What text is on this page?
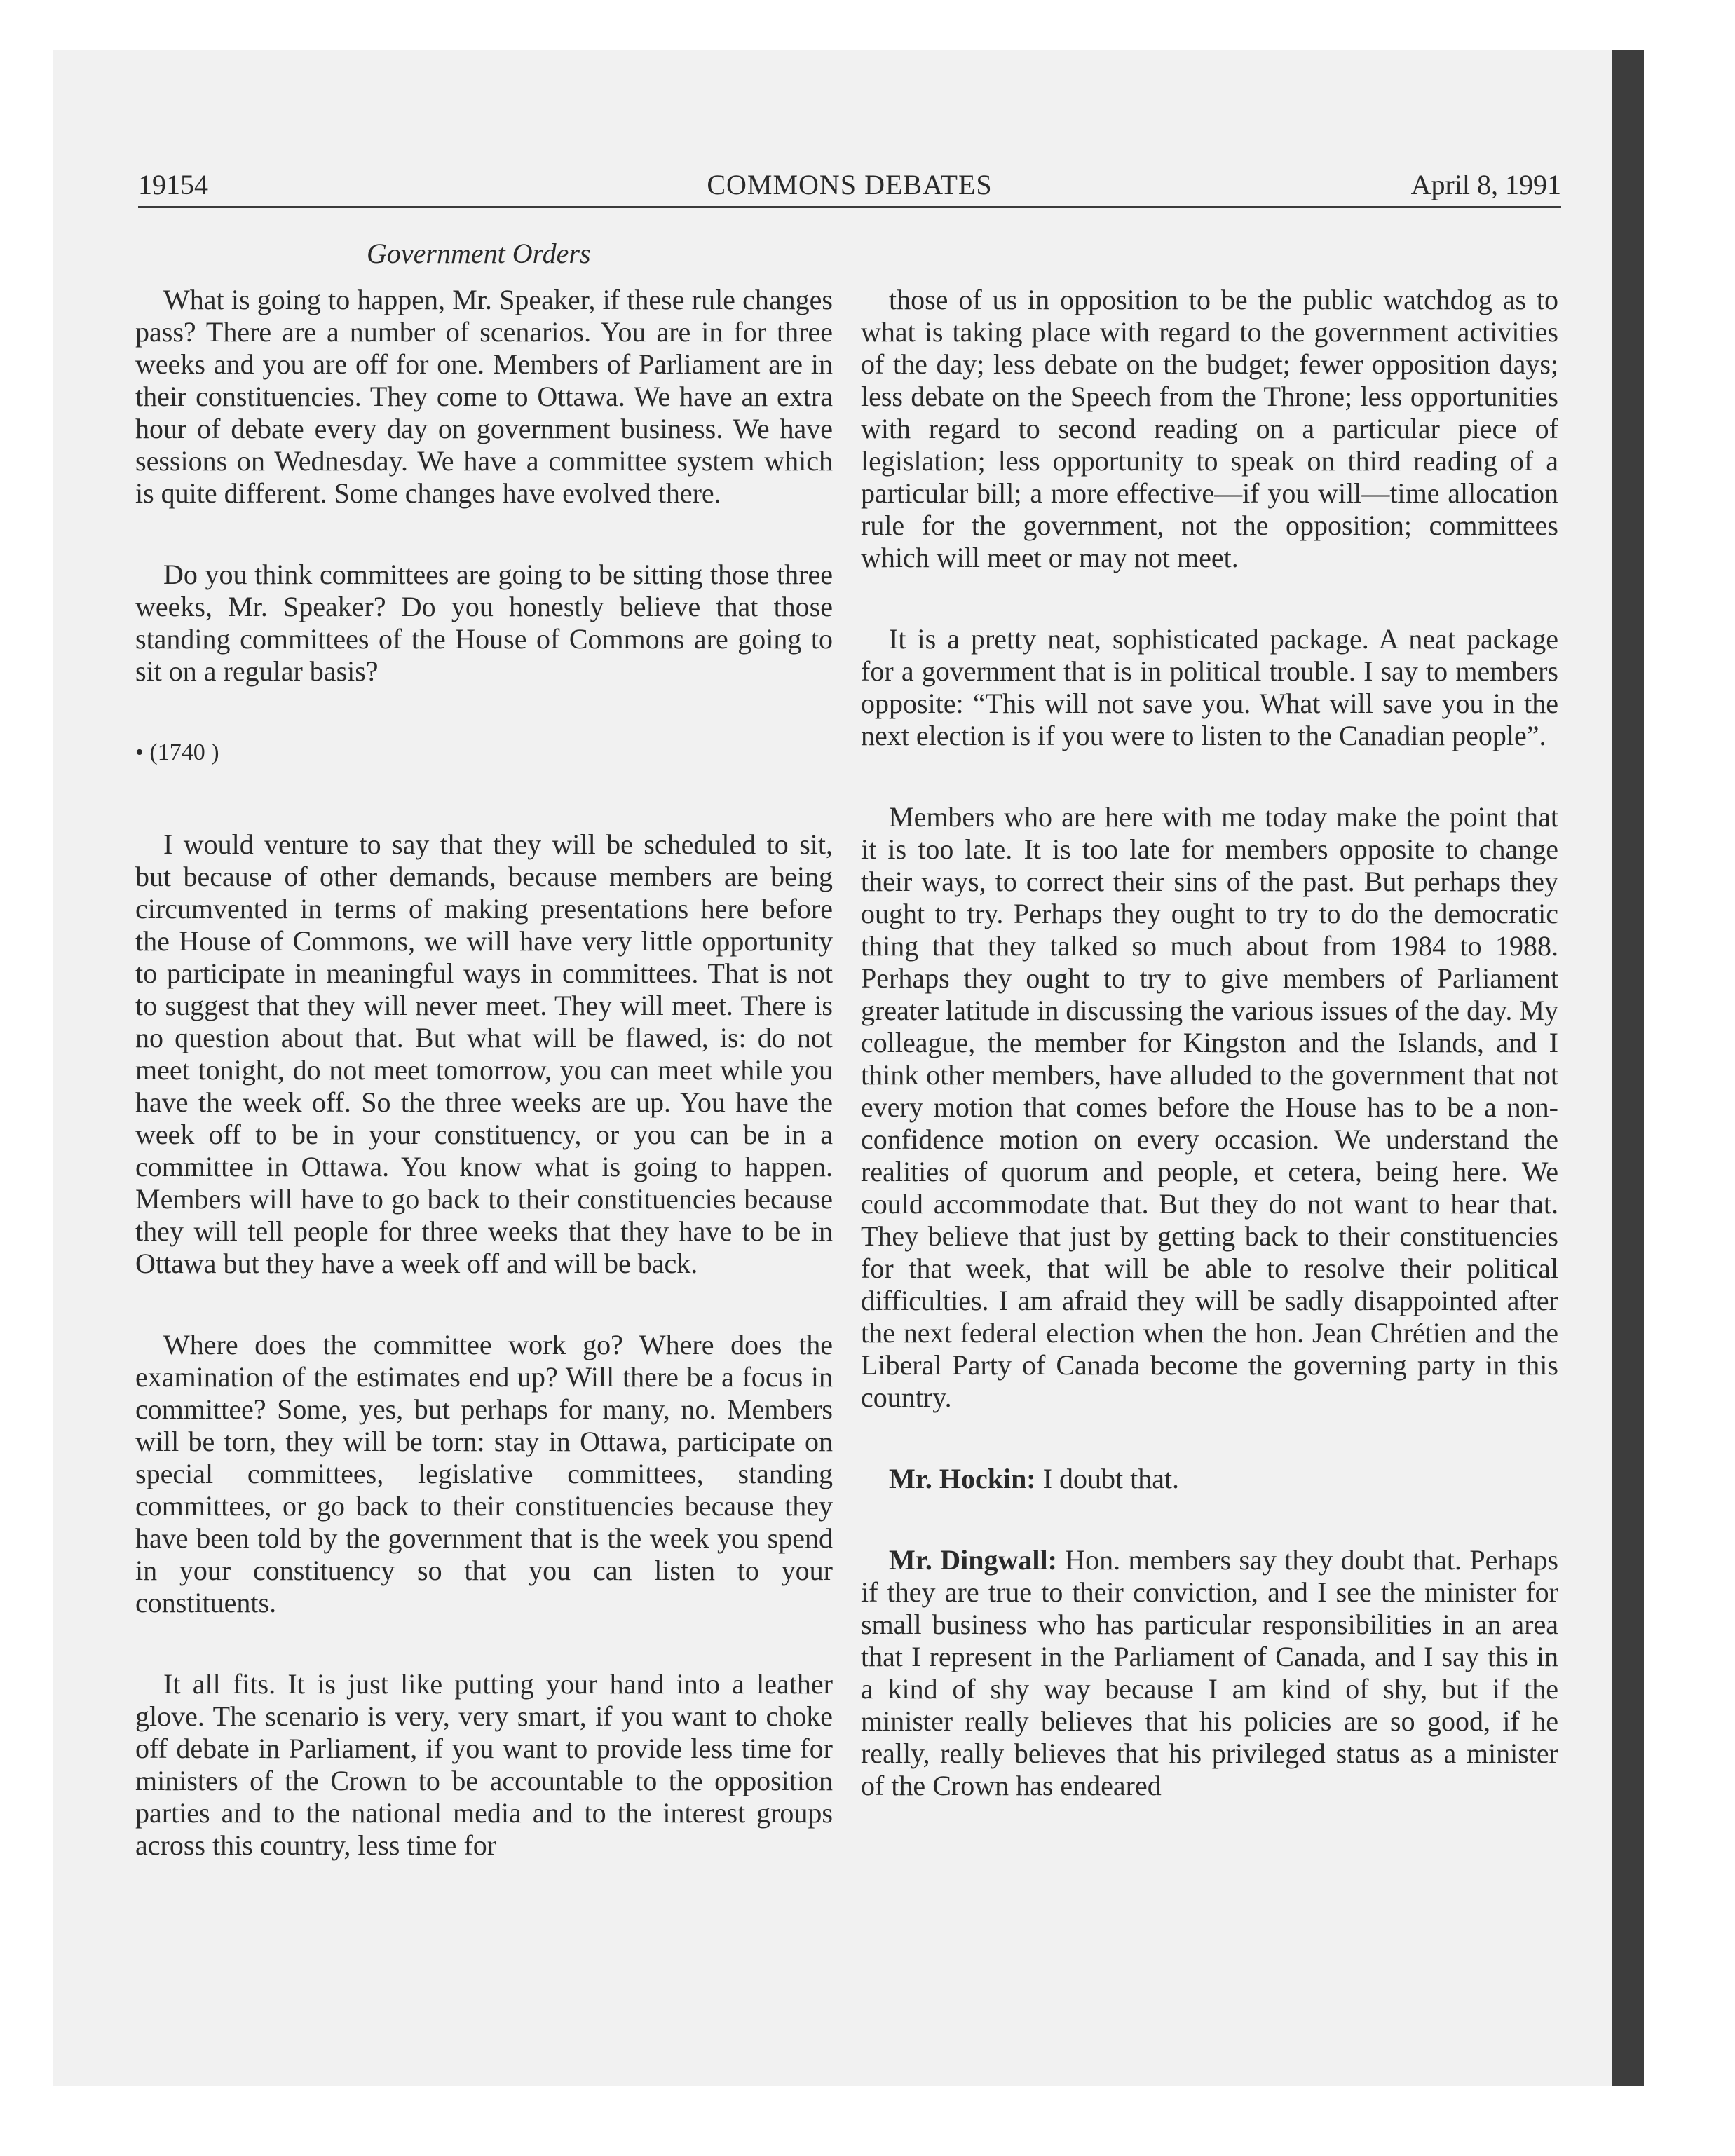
19154	COMMONS DEBATES	April 8, 1991
Government Orders

What is going to happen, Mr. Speaker, if these rule changes pass? There are a number of scenarios. You are in for three weeks and you are off for one. Members of Parliament are in their constituencies. They come to Ottawa. We have an extra hour of debate every day on government business. We have sessions on Wednesday. We have a committee system which is quite different. Some changes have evolved there.

Do you think committees are going to be sitting those three weeks, Mr. Speaker? Do you honestly believe that those standing committees of the House of Commons are going to sit on a regular basis?

• (1740 )

I would venture to say that they will be scheduled to sit, but because of other demands, because members are being circumvented in terms of making presentations here before the House of Commons, we will have very little opportunity to participate in meaningful ways in committees. That is not to suggest that they will never meet. They will meet. There is no question about that. But what will be flawed, is: do not meet tonight, do not meet tomorrow, you can meet while you have the week off. So the three weeks are up. You have the week off to be in your constituency, or you can be in a committee in Ottawa. You know what is going to happen. Members will have to go back to their constituencies because they will tell people for three weeks that they have to be in Ottawa but they have a week off and will be back.

Where does the committee work go? Where does the examination of the estimates end up? Will there be a focus in committee? Some, yes, but perhaps for many, no. Members will be torn, they will be torn: stay in Ottawa, participate on special committees, legislative committees, standing committees, or go back to their constituencies because they have been told by the government that is the week you spend in your constituency so that you can listen to your constituents.

It all fits. It is just like putting your hand into a leather glove. The scenario is very, very smart, if you want to choke off debate in Parliament, if you want to provide less time for ministers of the Crown to be accountable to the opposition parties and to the national media and to the interest groups across this country, less time for

those of us in opposition to be the public watchdog as to what is taking place with regard to the government activities of the day; less debate on the budget; fewer opposition days; less debate on the Speech from the Throne; less opportunities with regard to second reading on a particular piece of legislation; less opportunity to speak on third reading of a particular bill; a more effective—if you will—time allocation rule for the government, not the opposition; committees which will meet or may not meet.

It is a pretty neat, sophisticated package. A neat package for a government that is in political trouble. I say to members opposite: “This will not save you. What will save you in the next election is if you were to listen to the Canadian people”.

Members who are here with me today make the point that it is too late. It is too late for members opposite to change their ways, to correct their sins of the past. But perhaps they ought to try. Perhaps they ought to try to do the democratic thing that they talked so much about from 1984 to 1988. Perhaps they ought to try to give members of Parliament greater latitude in discussing the various issues of the day. My colleague, the member for Kingston and the Islands, and I think other members, have alluded to the government that not every motion that comes before the House has to be a non-confidence motion on every occasion. We understand the realities of quorum and people, et cetera, being here. We could accommodate that. But they do not want to hear that. They believe that just by getting back to their constituencies for that week, that will be able to resolve their political difficulties. I am afraid they will be sadly disappointed after the next federal election when the hon. Jean Chrétien and the Liberal Party of Canada become the governing party in this country.

Mr. Hockin: I doubt that.

Mr. Dingwall: Hon. members say they doubt that. Perhaps if they are true to their conviction, and I see the minister for small business who has particular responsibilities in an area that I represent in the Parliament of Canada, and I say this in a kind of shy way because I am kind of shy, but if the minister really believes that his policies are so good, if he really, really believes that his privileged status as a minister of the Crown has endeared
